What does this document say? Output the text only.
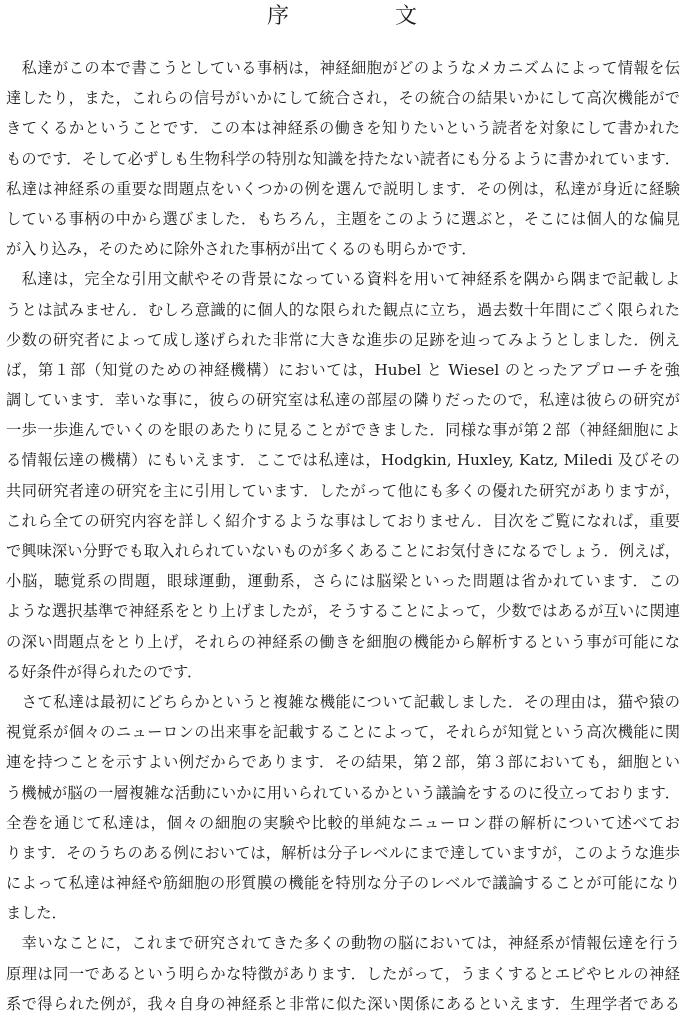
序　文

　私達がこの本で書こうとしている事柄は，神経細胞がどのようなメカニズムによって情報を伝
達したり，また，これらの信号がいかにして統合され，その統合の結果いかにして高次機能がで
きてくるかということです．この本は神経系の働きを知りたいという読者を対象にして書かれた
ものです．そして必ずしも生物科学の特別な知識を持たない読者にも分るように書かれています．
私達は神経系の重要な問題点をいくつかの例を選んで説明します．その例は，私達が身近に経験
している事柄の中から選びました．もちろん，主題をこのように選ぶと，そこには個人的な偏見
が入り込み，そのために除外された事柄が出てくるのも明らかです．

　私達は，完全な引用文献やその背景になっている資料を用いて神経系を隅から隅まで記載しよ
うとは試みません．むしろ意識的に個人的な限られた観点に立ち，過去数十年間にごく限られた
少数の研究者によって成し遂げられた非常に大きな進歩の足跡を辿ってみようとしました．例え
ば，第１部（知覚のための神経機構）においては，Hubel と Wiesel のとったアプローチを強
調しています．幸いな事に，彼らの研究室は私達の部屋の隣りだったので，私達は彼らの研究が
一歩一歩進んでいくのを眼のあたりに見ることができました．同様な事が第２部（神経細胞によ
る情報伝達の機構）にもいえます．ここでは私達は，Hodgkin, Huxley, Katz, Miledi 及びその
共同研究者達の研究を主に引用しています．したがって他にも多くの優れた研究がありますが，
これら全ての研究内容を詳しく紹介するような事はしておりません．目次をご覧になれば，重要
で興味深い分野でも取入れられていないものが多くあることにお気付きになるでしょう．例えば，
小脳，聴覚系の問題，眼球運動，運動系，さらには脳梁といった問題は省かれています．この
ような選択基準で神経系をとり上げましたが，そうすることによって，少数ではあるが互いに関連
の深い問題点をとり上げ，それらの神経系の働きを細胞の機能から解析するという事が可能にな
る好条件が得られたのです．

　さて私達は最初にどちらかというと複雑な機能について記載しました．その理由は，猫や猿の
視覚系が個々のニューロンの出来事を記載することによって，それらが知覚という高次機能に関
連を持つことを示すよい例だからであります．その結果，第２部，第３部においても，細胞とい
う機械が脳の一層複雑な活動にいかに用いられているかという議論をするのに役立っております．
全巻を通じて私達は，個々の細胞の実験や比較的単純なニューロン群の解析について述べてお
ります．そのうちのある例においては，解析は分子レベルにまで達していますが，このような進歩
によって私達は神経や筋細胞の形質膜の機能を特別な分子のレベルで議論することが可能になり
ました．

　幸いなことに，これまで研究されてきた多くの動物の脳においては，神経系が情報伝達を行う
原理は同一であるという明らかな特徴があります．したがって，うまくするとエビやヒルの神経
系で得られた例が，我々自身の神経系と非常に似た深い関係にあるといえます．生理学者である
